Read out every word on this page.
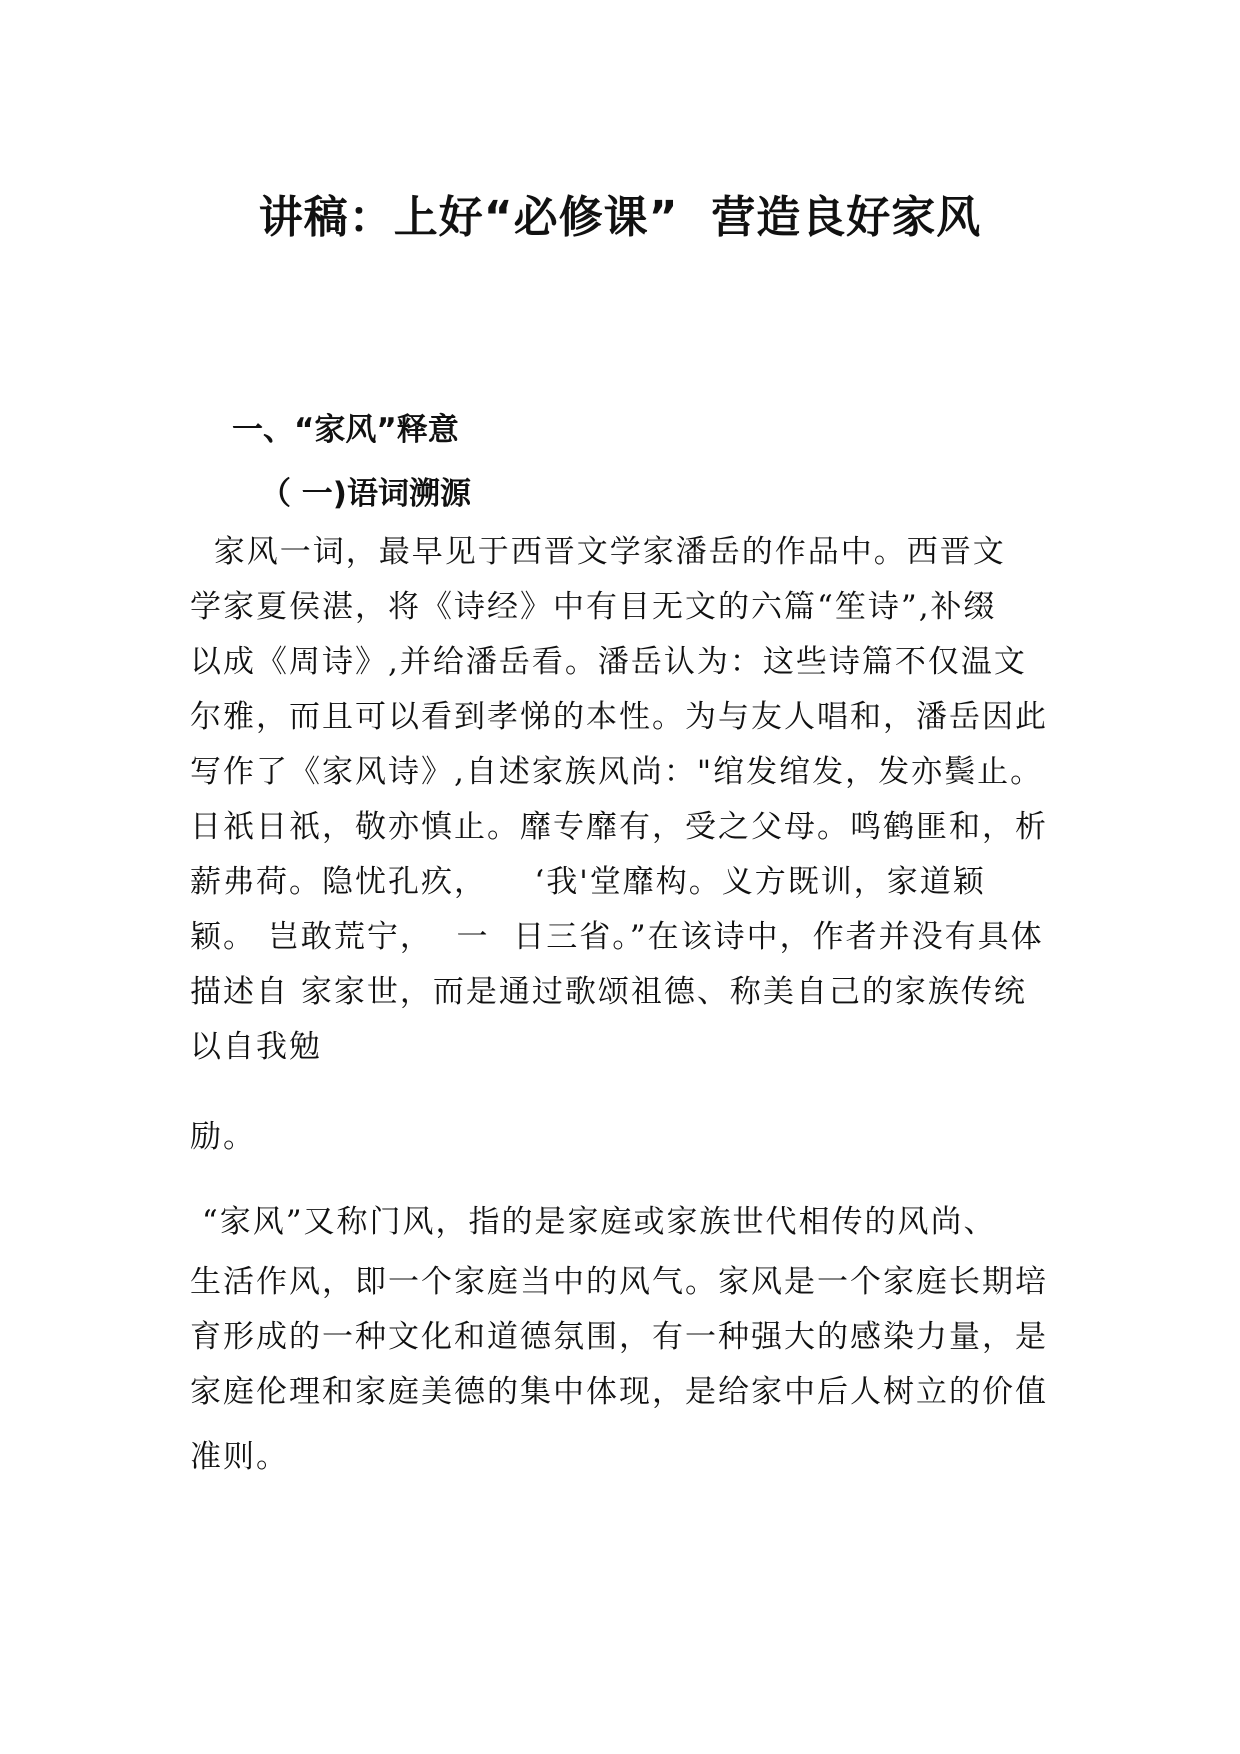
讲稿：上好“必修课”  营造良好家风
一、“家风”释意
（ 一)语词溯源
家风一词，最早见于西晋文学家潘岳的作品中。西晋文
学家夏侯湛，将《诗经》中有目无文的六篇“笙诗”,补缀
以成《周诗》,并给潘岳看。潘岳认为：这些诗篇不仅温文
尔雅，而且可以看到孝悌的本性。为与友人唱和，潘岳因此
写作了《家风诗》,自述家族风尚："绾发绾发，发亦鬓止。
日祇日祇，敬亦慎止。靡专靡有，受之父母。鸣鹤匪和，析
薪弗荷。隐忧孔疚，    ‘我'堂靡构。义方既训，家道颖
颖。 岂敢荒宁，  一  日三省。”在该诗中，作者并没有具体
描述自 家家世，而是通过歌颂祖德、称美自己的家族传统
以自我勉
励。
“家风”又称门风，指的是家庭或家族世代相传的风尚、
生活作风，即一个家庭当中的风气。家风是一个家庭长期培
育形成的一种文化和道德氛围，有一种强大的感染力量，是
家庭伦理和家庭美德的集中体现，是给家中后人树立的价值
准则。
